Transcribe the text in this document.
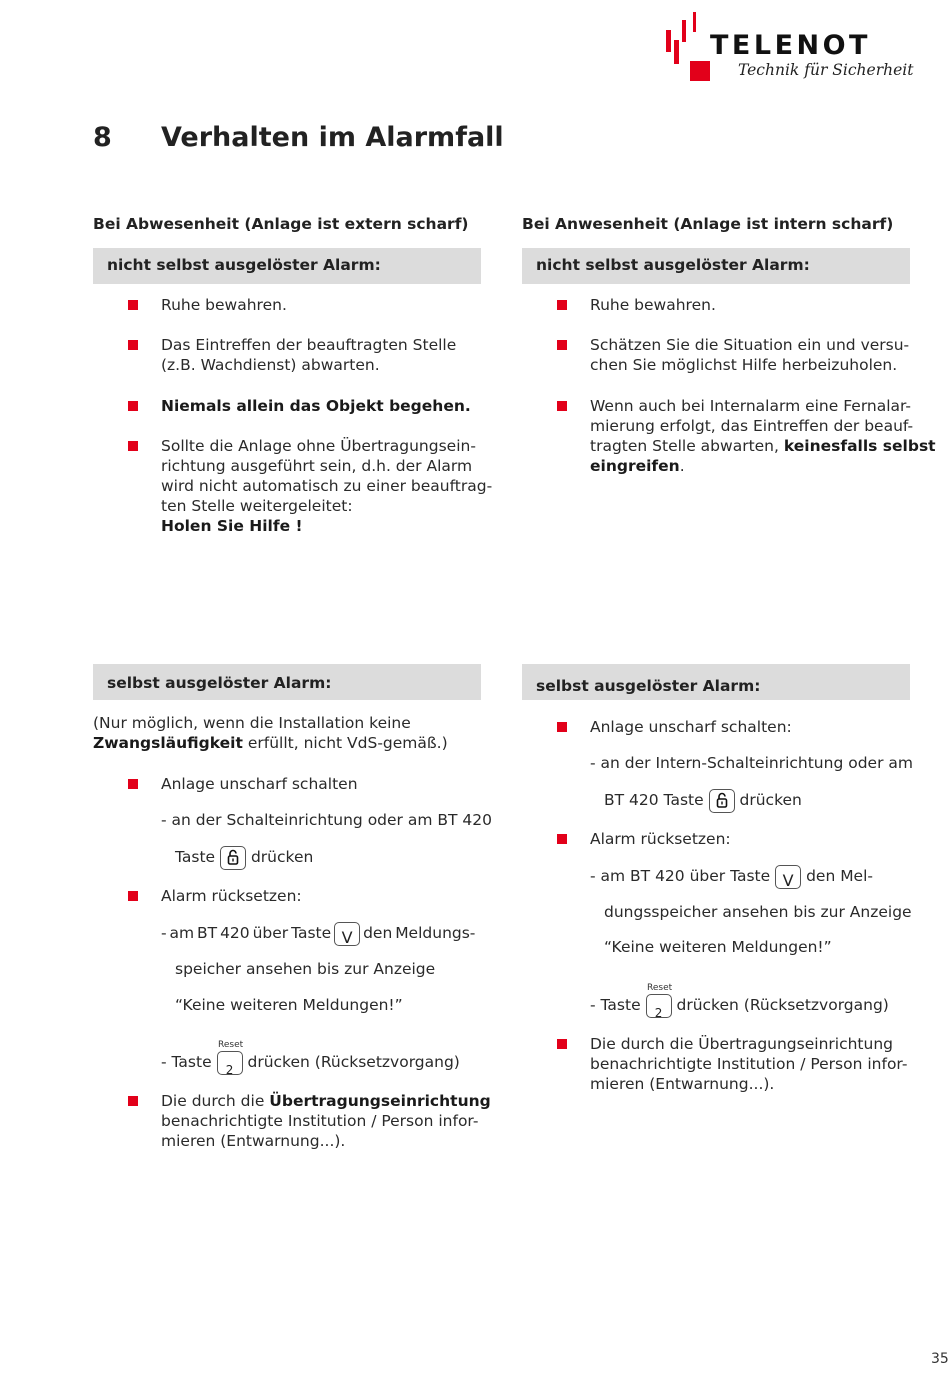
TELENOT
Technik für Sicherheit
8 Verhalten im Alarmfall
Bei Abwesenheit (Anlage ist extern scharf)
nicht selbst ausgelöster Alarm:
Ruhe bewahren.
Das Eintreffen der beauftragten Stelle
(z.B. Wachdienst) abwarten.
Niemals allein das Objekt begehen.
Sollte die Anlage ohne Übertragungsein-
richtung ausgeführt sein, d.h. der Alarm
wird nicht automatisch zu einer beauftrag-
ten Stelle weitergeleitet:
Holen Sie Hilfe !
selbst ausgelöster Alarm:
(Nur möglich, wenn die Installation keine
Zwangsläufigkeit erfüllt, nicht VdS-gemäß.)
Anlage unscharf schalten
- an der Schalteinrichtung oder am BT 420
Taste drücken
Alarm rücksetzen:
- am BT 420 über Taste V den Meldungs-
speicher ansehen bis zur Anzeige
“Keine weiteren Meldungen!”
Reset
- Taste	2 drücken (Rücksetzvorgang)
Die durch die Übertragungseinrichtung
benachrichtigte Institution / Person infor-
mieren (Entwarnung...).
Bei Anwesenheit (Anlage ist intern scharf)
nicht selbst ausgelöster Alarm:
Ruhe bewahren.
Schätzen Sie die Situation ein und versu-
chen Sie möglichst Hilfe herbeizuholen.
Wenn auch bei Internalarm eine Fernalar-
mierung erfolgt, das Eintreffen der beauf-
tragten Stelle abwarten, keinesfalls selbst
eingreifen.
selbst ausgelöster Alarm:
Anlage unscharf schalten:
- an der Intern-Schalteinrichtung oder am
BT 420 Taste drücken
Alarm rücksetzen:
- am BT 420 über Taste V den Mel-
dungsspeicher ansehen bis zur Anzeige
“Keine weiteren Meldungen!”
Reset
- Taste	2 drücken (Rücksetzvorgang)
Die durch die Übertragungseinrichtung
benachrichtigte Institution / Person infor-
mieren (Entwarnung...).
35
